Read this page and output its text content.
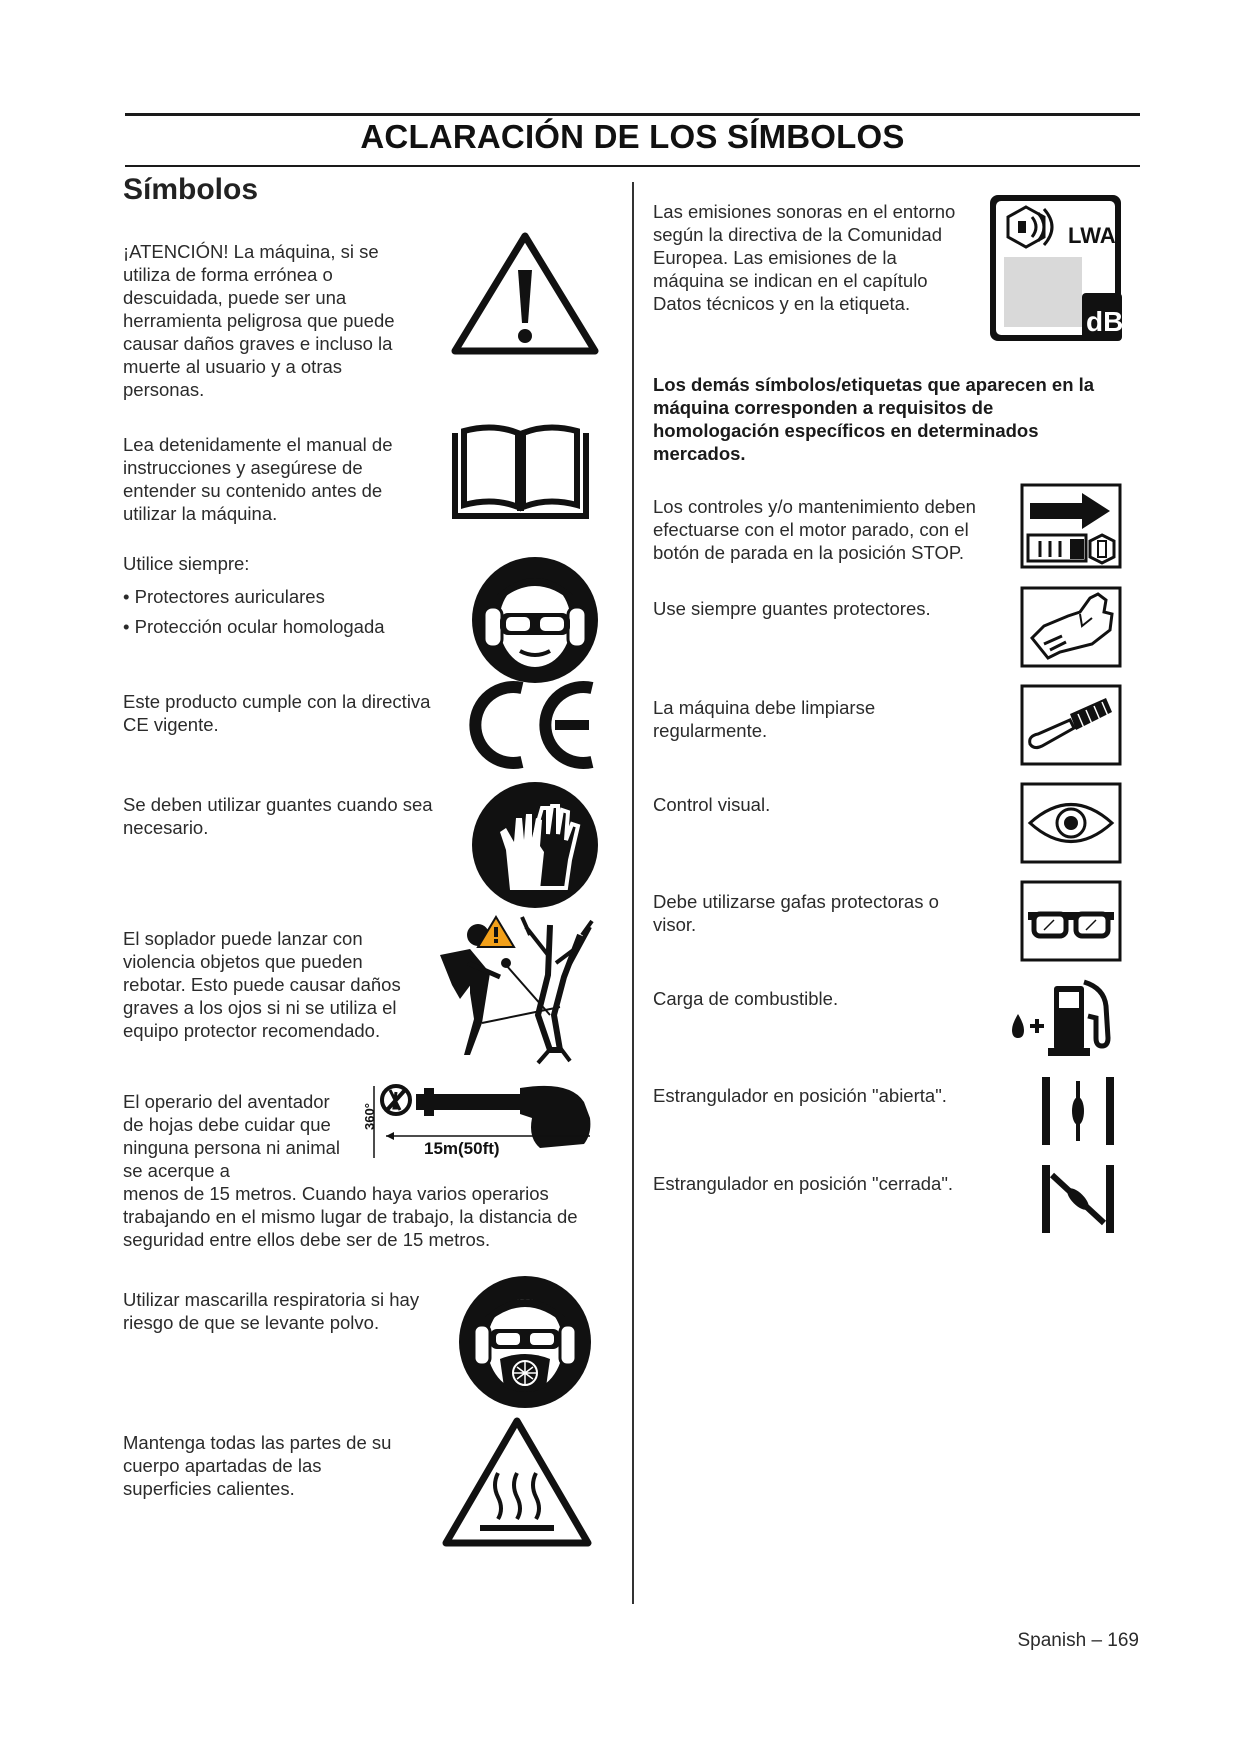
ACLARACIÓN DE LOS SÍMBOLOS
Símbolos
¡ATENCIÓN! La máquina, si se utiliza de forma errónea o descuidada, puede ser una herramienta peligrosa que puede causar daños graves e incluso la muerte al usuario y a otras personas.
Lea detenidamente el manual de instrucciones y asegúrese de entender su contenido antes de utilizar la máquina.
Utilice siempre:
• Protectores auriculares
• Protección ocular homologada
Este producto cumple con la directiva CE vigente.
Se deben utilizar guantes cuando sea necesario.
El soplador puede lanzar con violencia objetos que pueden rebotar. Esto puede causar daños graves a los ojos si ni se utiliza el equipo protector recomendado.
El operario del aventador de hojas debe cuidar que ninguna persona ni animal se acerque a
menos de 15 metros. Cuando haya varios operarios trabajando en el mismo lugar de trabajo, la distancia de seguridad entre ellos debe ser de 15 metros.
360°
15m(50ft)
Utilizar mascarilla respiratoria si hay riesgo de que se levante polvo.
Mantenga todas las partes de su cuerpo apartadas de las superficies calientes.
Las emisiones sonoras en el entorno según la directiva de la Comunidad Europea. Las emisiones de la máquina se indican en el capítulo Datos técnicos y en la etiqueta.
LWA
dB
Los demás símbolos/etiquetas que aparecen en la máquina corresponden a requisitos de homologación específicos en determinados mercados.
Los controles y/o mantenimiento deben efectuarse con el motor parado, con el botón de parada en la posición STOP.
Use siempre guantes protectores.
La máquina debe limpiarse regularmente.
Control visual.
Debe utilizarse gafas protectoras o visor.
Carga de combustible.
Estrangulador en posición "abierta".
Estrangulador en posición "cerrada".
Spanish – 169
